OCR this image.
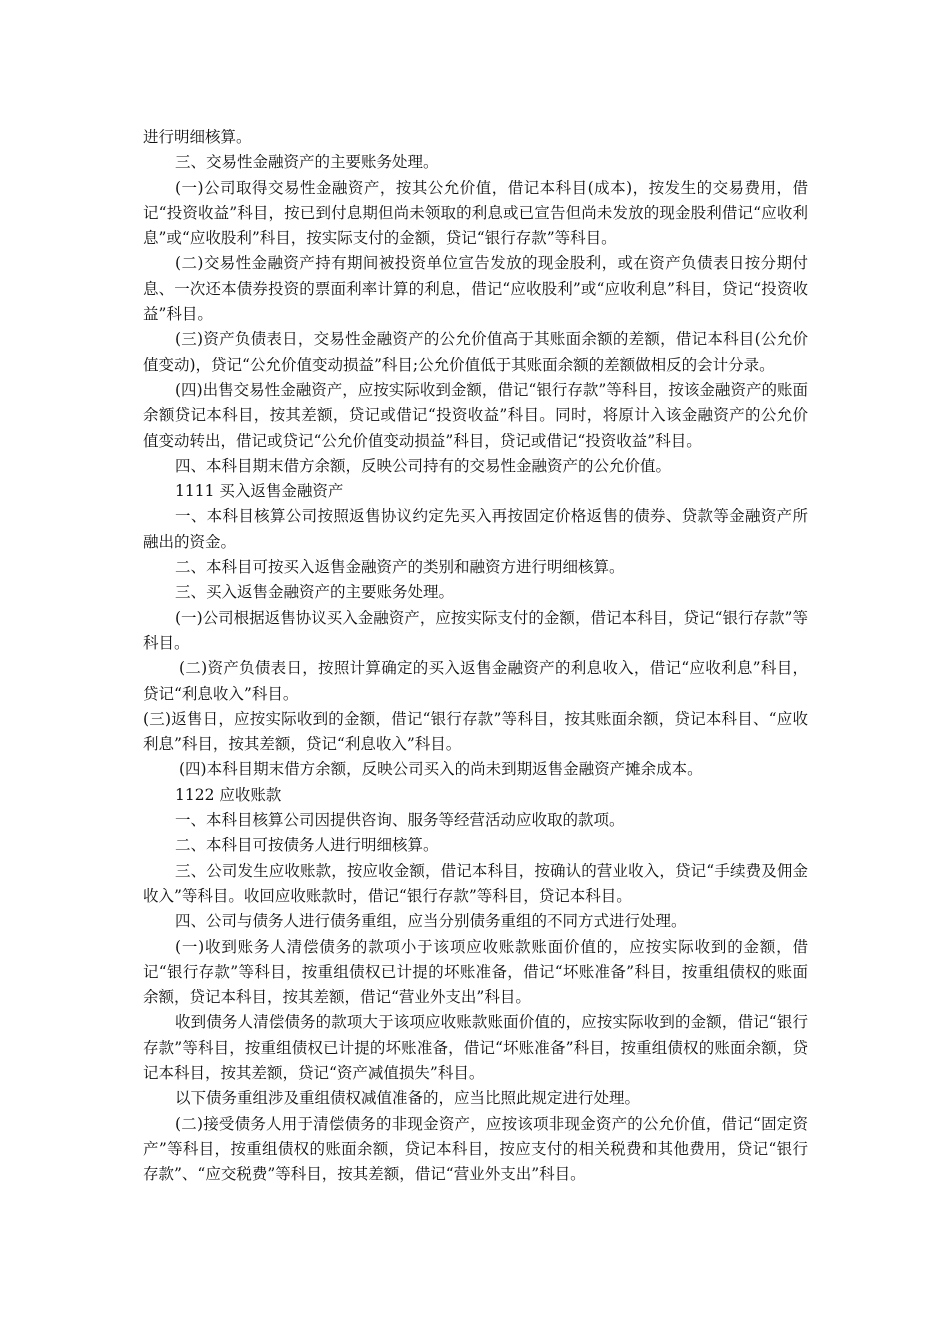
进行明细核算。

三、交易性金融资产的主要账务处理。

(一)公司取得交易性金融资产，按其公允价值，借记本科目(成本)，按发生的交易费用，借记“投资收益”科目，按已到付息期但尚未领取的利息或已宣告但尚未发放的现金股利借记“应收利息”或“应收股利”科目，按实际支付的金额，贷记“银行存款”等科目。

(二)交易性金融资产持有期间被投资单位宣告发放的现金股利，或在资产负债表日按分期付息、一次还本债券投资的票面利率计算的利息，借记“应收股利”或“应收利息”科目，贷记“投资收益”科目。

(三)资产负债表日，交易性金融资产的公允价值高于其账面余额的差额，借记本科目(公允价值变动)，贷记“公允价值变动损益”科目;公允价值低于其账面余额的差额做相反的会计分录。

(四)出售交易性金融资产，应按实际收到金额，借记“银行存款”等科目，按该金融资产的账面余额贷记本科目，按其差额，贷记或借记“投资收益”科目。同时，将原计入该金融资产的公允价值变动转出，借记或贷记“公允价值变动损益”科目，贷记或借记“投资收益”科目。

四、本科目期末借方余额，反映公司持有的交易性金融资产的公允价值。

1111 买入返售金融资产

一、本科目核算公司按照返售协议约定先买入再按固定价格返售的债券、贷款等金融资产所融出的资金。

二、本科目可按买入返售金融资产的类别和融资方进行明细核算。

三、买入返售金融资产的主要账务处理。

(一)公司根据返售协议买入金融资产，应按实际支付的金额，借记本科目，贷记“银行存款”等科目。

(二)资产负债表日，按照计算确定的买入返售金融资产的利息收入，借记“应收利息”科目，贷记“利息收入”科目。

(三)返售日，应按实际收到的金额，借记“银行存款”等科目，按其账面余额，贷记本科目、“应收利息”科目，按其差额，贷记“利息收入”科目。

(四)本科目期末借方余额，反映公司买入的尚未到期返售金融资产摊余成本。

1122 应收账款

一、本科目核算公司因提供咨询、服务等经营活动应收取的款项。

二、本科目可按债务人进行明细核算。

三、公司发生应收账款，按应收金额，借记本科目，按确认的营业收入，贷记“手续费及佣金收入”等科目。收回应收账款时，借记“银行存款”等科目，贷记本科目。

四、公司与债务人进行债务重组，应当分别债务重组的不同方式进行处理。

(一)收到账务人清偿债务的款项小于该项应收账款账面价值的，应按实际收到的金额，借记“银行存款”等科目，按重组债权已计提的坏账准备，借记“坏账准备”科目，按重组债权的账面余额，贷记本科目，按其差额，借记“营业外支出”科目。

收到债务人清偿债务的款项大于该项应收账款账面价值的，应按实际收到的金额，借记“银行存款”等科目，按重组债权已计提的坏账准备，借记“坏账准备”科目，按重组债权的账面余额，贷记本科目，按其差额，贷记“资产减值损失”科目。

以下债务重组涉及重组债权减值准备的，应当比照此规定进行处理。

(二)接受债务人用于清偿债务的非现金资产，应按该项非现金资产的公允价值，借记“固定资产”等科目，按重组债权的账面余额，贷记本科目，按应支付的相关税费和其他费用，贷记“银行存款”、“应交税费”等科目，按其差额，借记“营业外支出”科目。
